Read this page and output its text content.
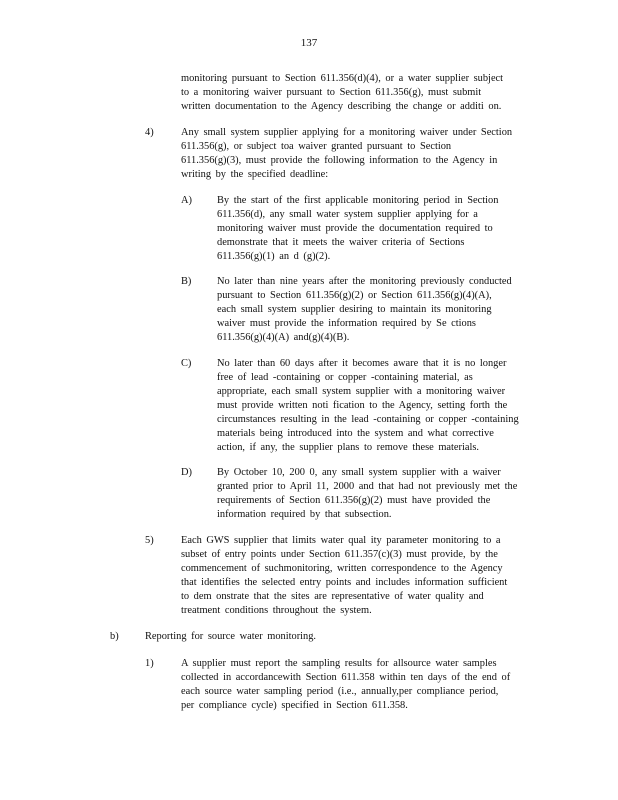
137
monitoring pursuant to Section 611.356(d)(4), or a water supplier subject
to a monitoring waiver pursuant to Section 611.356(g), must submit
written documentation to the Agency describing the change or additi on.
4)	Any small system supplier applying for a monitoring waiver under Section
611.356(g), or subject toa waiver granted pursuant to Section
611.356(g)(3), must provide the following information to the Agency in
writing by the specified deadline:
A) By the start of the first applicable monitoring period in Section
611.356(d), any small water system supplier applying for a
monitoring waiver must provide the documentation required to
demonstrate that it meets the waiver criteria of Sections
611.356(g)(1) an d (g)(2).
B) No later than nine years after the monitoring previously conducted
pursuant to Section 611.356(g)(2) or Section 611.356(g)(4)(A),
each small system supplier desiring to maintain its monitoring
waiver must provide the information required by Se ctions
611.356(g)(4)(A) and(g)(4)(B).
C) No later than 60 days after it becomes aware that it is no longer
free of lead -containing or copper -containing material, as
appropriate, each small system supplier with a monitoring waiver
must provide written noti fication to the Agency, setting forth the
circumstances resulting in the lead -containing or copper -containing
materials being introduced into the system and what corrective
action, if any, the supplier plans to remove these materials.
D) By October 10, 200 0, any small system supplier with a waiver
granted prior to April 11, 2000 and that had not previously met the
requirements of Section 611.356(g)(2) must have provided the
information required by that subsection.
5)	Each GWS supplier that limits water qual ity parameter monitoring to a
subset of entry points under Section 611.357(c)(3) must provide, by the
commencement of suchmonitoring, written correspondence to the Agency
that identifies the selected entry points and includes information sufficient
to dem onstrate that the sites are representative of water quality and
treatment conditions throughout the system.
b)	Reporting for source water monitoring.
1)	A supplier must report the sampling results for allsource water samples
collected in accordancewith Section 611.358 within ten days of the end of
each source water sampling period (i.e., annually,per compliance period,
per compliance cycle) specified in Section 611.358.
